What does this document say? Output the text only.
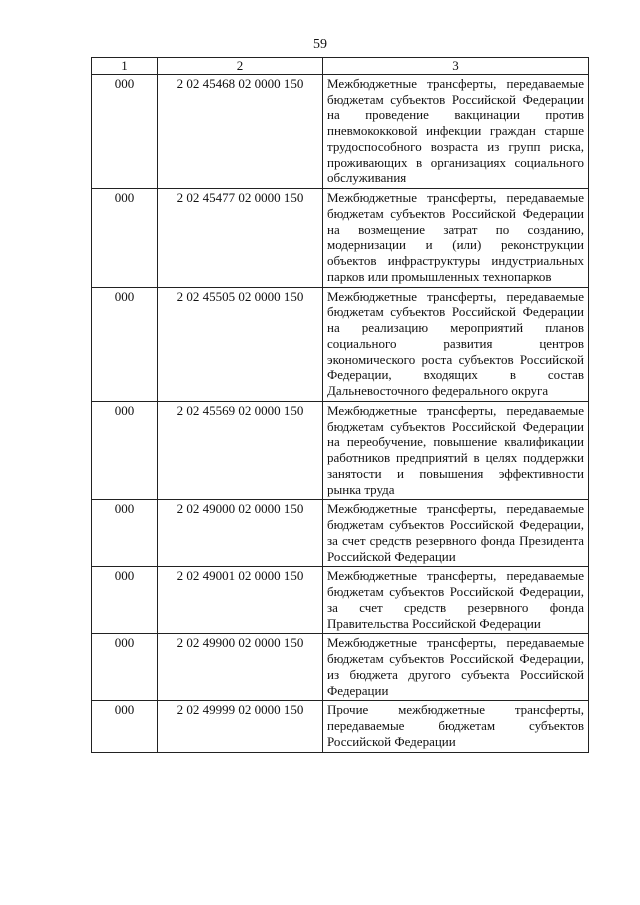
59
1	2	3
000	2 02 45468 02 0000 150	Межбюджетные трансферты, передаваемые бюджетам субъектов Российской Федерации на проведение вакцинации против пневмококковой инфекции граждан старше трудоспособного возраста из групп риска, проживающих в организациях социального обслуживания
000	2 02 45477 02 0000 150	Межбюджетные трансферты, передаваемые бюджетам субъектов Российской Федерации на возмещение затрат по созданию, модернизации и (или) реконструкции объектов инфраструктуры индустриальных парков или промышленных технопарков
000	2 02 45505 02 0000 150	Межбюджетные трансферты, передаваемые бюджетам субъектов Российской Федерации на реализацию мероприятий планов социального развития центров экономического роста субъектов Российской Федерации, входящих в состав Дальневосточного федерального округа
000	2 02 45569 02 0000 150	Межбюджетные трансферты, передаваемые бюджетам субъектов Российской Федерации на переобучение, повышение квалификации работников предприятий в целях поддержки занятости и повышения эффективности рынка труда
000	2 02 49000 02 0000 150	Межбюджетные трансферты, передаваемые бюджетам субъектов Российской Федерации, за счет средств резервного фонда Президента Российской Федерации
000	2 02 49001 02 0000 150	Межбюджетные трансферты, передаваемые бюджетам субъектов Российской Федерации, за счет средств резервного фонда Правительства Российской Федерации
000	2 02 49900 02 0000 150	Межбюджетные трансферты, передаваемые бюджетам субъектов Российской Федерации, из бюджета другого субъекта Российской Федерации
000	2 02 49999 02 0000 150	Прочие межбюджетные трансферты, передаваемые бюджетам субъектов Российской Федерации
